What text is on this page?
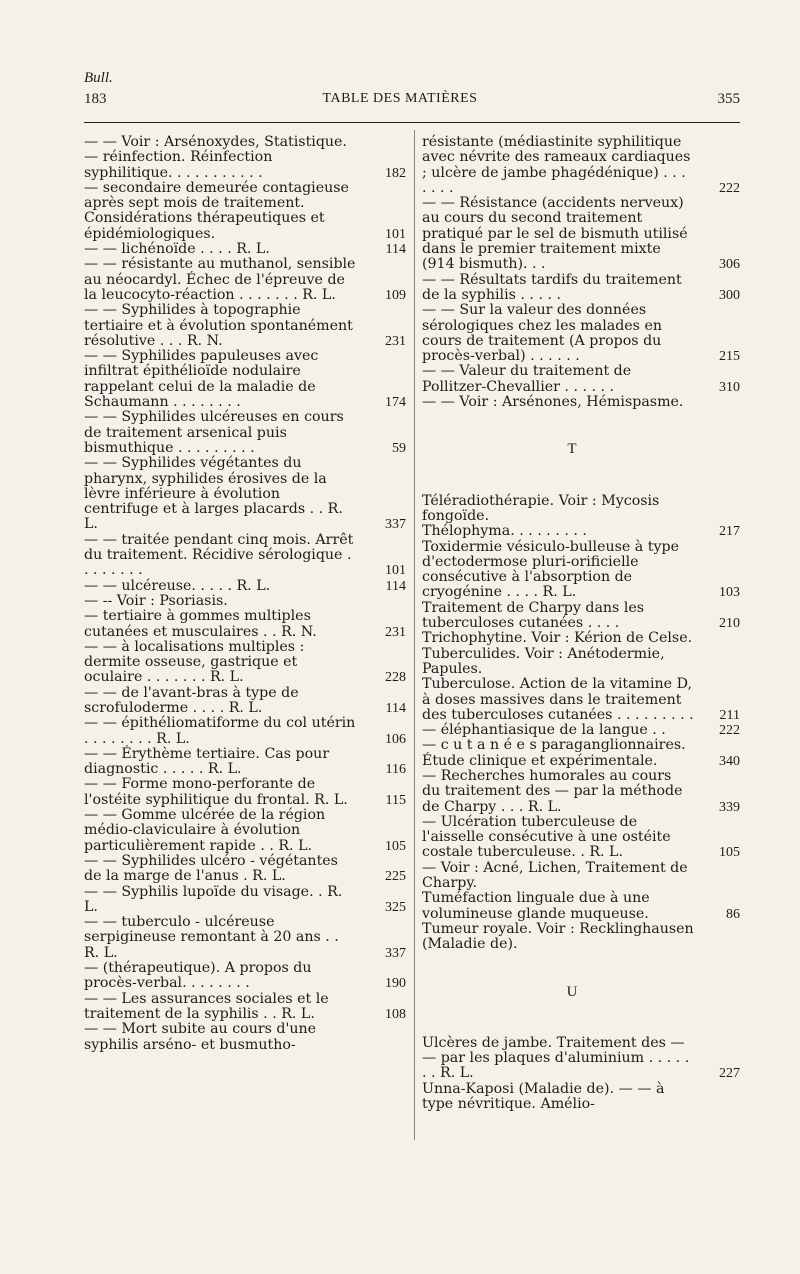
Bull.
183	TABLE DES MATIÈRES	355
— — Voir : Arsénoxydes, Statistique.
— réinfection. Réinfection syphilitique. . . . . . . . . . .	182
— secondaire demeurée contagieuse après sept mois de traitement. Considérations thérapeutiques et épidémiologiques.	101
— — lichénoïde . . . . R. L.	114
— — résistante au muthanol, sensible au néocardyl. Échec de l'épreuve de la leucocyto-réaction . . . . . . . R. L.	109
— — Syphilides à topographie tertiaire et à évolution spontanément résolutive . . . R. N.	231
— — Syphilides papuleuses avec infiltrat épithélioïde nodulaire rappelant celui de la maladie de Schaumann . . . . . . . .	174
— — Syphilides ulcéreuses en cours de traitement arsenical puis bismuthique . . . . . . . . .	59
— — Syphilides végétantes du pharynx, syphilides érosives de la lèvre inférieure à évolution centrifuge et à larges placards . . R. L.	337
— — traitée pendant cinq mois. Arrêt du traitement. Récidive sérologique . . . . . . . .	101
— — ulcéreuse. . . . . R. L.	114
— -- Voir : Psoriasis.
— tertiaire à gommes multiples cutanées et musculaires . . R. N.	231
— — à localisations multiples : dermite osseuse, gastrique et oculaire . . . . . . . R. L.	228
— — de l'avant-bras à type de scrofuloderme . . . . R. L.	114
— — épithéliomatiforme du col utérin . . . . . . . . R. L.	106
— — Érythème tertiaire. Cas pour diagnostic . . . . . R. L.	116
— — Forme mono-perforante de l'ostéite syphilitique du frontal. R. L.	115
— — Gomme ulcérée de la région médio-claviculaire à évolution particulièrement rapide . . R. L.	105
— — Syphilides ulcéro - végétantes de la marge de l'anus . R. L.	225
— — Syphilis lupoïde du visage. . R. L.	325
— — tuberculo - ulcéreuse serpigineuse remontant à 20 ans . . R. L.	337
— (thérapeutique). A propos du procès-verbal. . . . . . . .	190
— — Les assurances sociales et le traitement de la syphilis . . R. L.	108
— — Mort subite au cours d'une syphilis arséno- et busmutho-
résistante (médiastinite syphilitique avec névrite des rameaux cardiaques ; ulcère de jambe phagédénique) . . . . . . .	222
— — Résistance (accidents nerveux) au cours du second traitement pratiqué par le sel de bismuth utilisé dans le premier traitement mixte (914 bismuth). . .	306
— — Résultats tardifs du traitement de la syphilis . . . . .	300
— — Sur la valeur des données sérologiques chez les malades en cours de traitement (A propos du procès-verbal) . . . . . .	215
— — Valeur du traitement de Pollitzer-Chevallier . . . . . .	310
— — Voir : Arsénones, Hémispasme.
T
Téléradiothérapie. Voir : Mycosis fongoïde.
Thélophyma. . . . . . . . .	217
Toxidermie vésiculo-bulleuse à type d'ectodermose pluri-orificielle consécutive à l'absorption de cryogénine . . . . R. L.	103
Traitement de Charpy dans les tuberculoses cutanées . . . .	210
Trichophytine. Voir : Kérion de Celse.
Tuberculides. Voir : Anétodermie, Papules.
Tuberculose. Action de la vitamine D, à doses massives dans le traitement des tuberculoses cutanées . . . . . . . . . 211
— éléphantiasique de la langue . .	222
— c u t a n é e s paraganglionnaires. Étude clinique et expérimentale.	340
— Recherches humorales au cours du traitement des — par la méthode de Charpy . . . R. L.	339
— Ulcération tuberculeuse de l'aisselle consécutive à une ostéite costale tuberculeuse. . R. L.	105
— Voir : Acné, Lichen, Traitement de Charpy.
Tuméfaction linguale due à une volumineuse glande muqueuse.	86
Tumeur royale. Voir : Recklinghausen (Maladie de).
U
Ulcères de jambe. Traitement des — — par les plaques d'aluminium . . . . . . . R. L.	227
Unna-Kaposi (Maladie de). — — à type névritique. Amélio-
